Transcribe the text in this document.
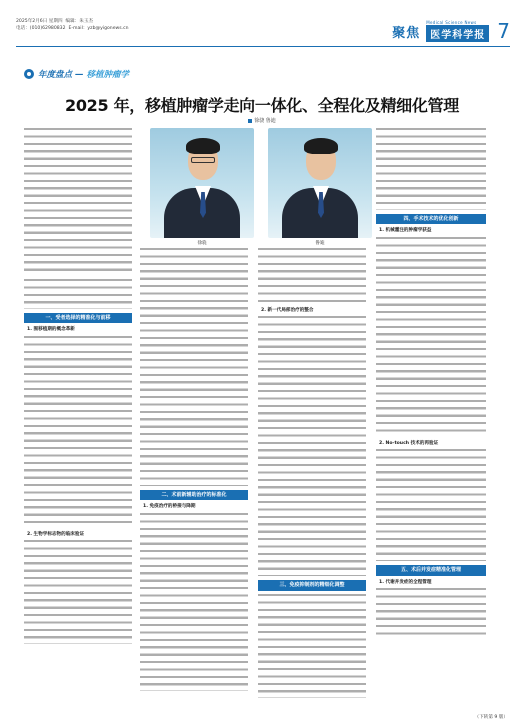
2025年2月6日 星期四 编辑：朱玉杰
电话：(010)62980832 E-mail：yzb@yigonews.cn	聚焦
Medical Science News
医学科学报 7
年度盘点 — 移植肿瘤学
2025 年，移植肿瘤学走向一体化、全程化及精细化管理
徐骁 鲁迪
徐骁	鲁迪
一、受者选择的精准化与前移
1. 围移植期的概念革新
2. 生物学标志物的临床验证
二、术前新辅助治疗的标准化
1. 免疫治疗的桥接与降期
2. 新一代局部治疗的整合
三、免疫抑制剂的精细化调整
四、手术技术的优化创新
1. 机械灌注的肿瘤学获益
2. No-touch 技术的再验证
五、术后并发症精准化管理
1. 代谢并发症的全程管理
（下转第 9 版）
